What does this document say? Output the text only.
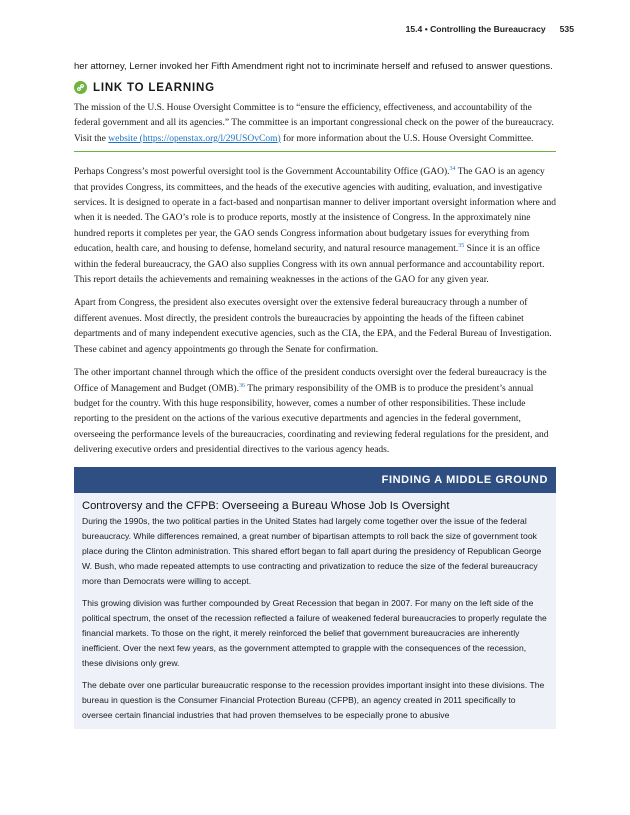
15.4 • Controlling the Bureaucracy 535

her attorney, Lerner invoked her Fifth Amendment right not to incriminate herself and refused to answer questions.

LINK TO LEARNING

The mission of the U.S. House Oversight Committee is to “ensure the efficiency, effectiveness, and accountability of the federal government and all its agencies.” The committee is an important congressional check on the power of the bureaucracy. Visit the website (https://openstax.org/l/29USOvCom) for more information about the U.S. House Oversight Committee.

Perhaps Congress’s most powerful oversight tool is the Government Accountability Office (GAO).$^{34}$ The GAO is an agency that provides Congress, its committees, and the heads of the executive agencies with auditing, evaluation, and investigative services. It is designed to operate in a fact-based and nonpartisan manner to deliver important oversight information where and when it is needed. The GAO’s role is to produce reports, mostly at the insistence of Congress. In the approximately nine hundred reports it completes per year, the GAO sends Congress information about budgetary issues for everything from education, health care, and housing to defense, homeland security, and natural resource management.$^{35}$ Since it is an office within the federal bureaucracy, the GAO also supplies Congress with its own annual performance and accountability report. This report details the achievements and remaining weaknesses in the actions of the GAO for any given year.

Apart from Congress, the president also executes oversight over the extensive federal bureaucracy through a number of different avenues. Most directly, the president controls the bureaucracies by appointing the heads of the fifteen cabinet departments and of many independent executive agencies, such as the CIA, the EPA, and the Federal Bureau of Investigation. These cabinet and agency appointments go through the Senate for confirmation.

The other important channel through which the office of the president conducts oversight over the federal bureaucracy is the Office of Management and Budget (OMB).$^{36}$ The primary responsibility of the OMB is to produce the president’s annual budget for the country. With this huge responsibility, however, comes a number of other responsibilities. These include reporting to the president on the actions of the various executive departments and agencies in the federal government, overseeing the performance levels of the bureaucracies, coordinating and reviewing federal regulations for the president, and delivering executive orders and presidential directives to the various agency heads.

FINDING A MIDDLE GROUND
Controversy and the CFPB: Overseeing a Bureau Whose Job Is Oversight

During the 1990s, the two political parties in the United States had largely come together over the issue of the federal bureaucracy. While differences remained, a great number of bipartisan attempts to roll back the size of government took place during the Clinton administration. This shared effort began to fall apart during the presidency of Republican George W. Bush, who made repeated attempts to use contracting and privatization to reduce the size of the federal bureaucracy more than Democrats were willing to accept.

This growing division was further compounded by Great Recession that began in 2007. For many on the left side of the political spectrum, the onset of the recession reflected a failure of weakened federal bureaucracies to properly regulate the financial markets. To those on the right, it merely reinforced the belief that government bureaucracies are inherently inefficient. Over the next few years, as the government attempted to grapple with the consequences of the recession, these divisions only grew.

The debate over one particular bureaucratic response to the recession provides important insight into these divisions. The bureau in question is the Consumer Financial Protection Bureau (CFPB), an agency created in 2011 specifically to oversee certain financial industries that had proven themselves to be especially prone to abusive
